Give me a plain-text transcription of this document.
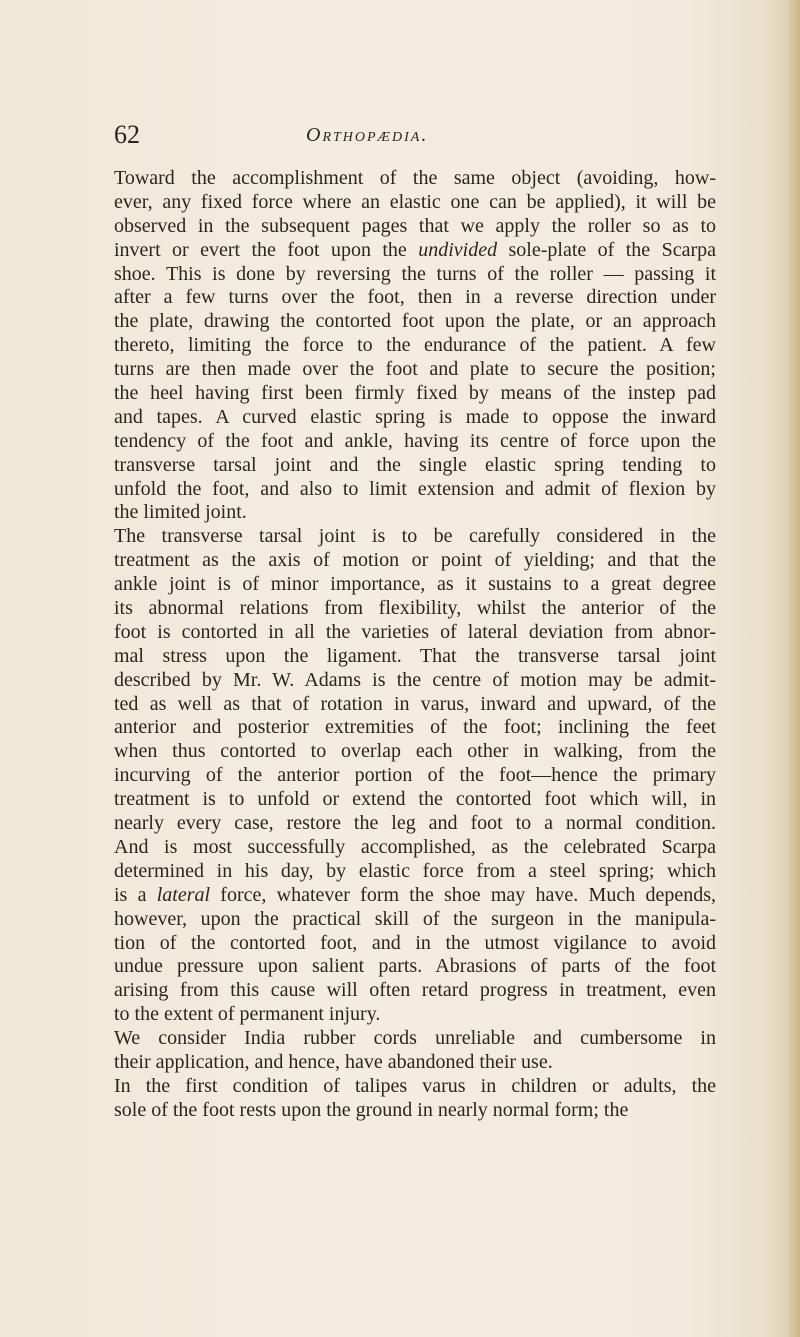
62	Orthopædia.
Toward the accomplishment of the same object (avoiding, how-
ever, any fixed force where an elastic one can be applied), it will be
observed in the subsequent pages that we apply the roller so as to
invert or evert the foot upon the undivided sole-plate of the Scarpa
shoe. This is done by reversing the turns of the roller — passing it
after a few turns over the foot, then in a reverse direction under
the plate, drawing the contorted foot upon the plate, or an approach
thereto, limiting the force to the endurance of the patient. A few
turns are then made over the foot and plate to secure the position;
the heel having first been firmly fixed by means of the instep pad
and tapes. A curved elastic spring is made to oppose the inward
tendency of the foot and ankle, having its centre of force upon the
transverse tarsal joint and the single elastic spring tending to
unfold the foot, and also to limit extension and admit of flexion by
the limited joint.
The transverse tarsal joint is to be carefully considered in the
treatment as the axis of motion or point of yielding; and that the
ankle joint is of minor importance, as it sustains to a great degree
its abnormal relations from flexibility, whilst the anterior of the
foot is contorted in all the varieties of lateral deviation from abnor-
mal stress upon the ligament. That the transverse tarsal joint
described by Mr. W. Adams is the centre of motion may be admit-
ted as well as that of rotation in varus, inward and upward, of the
anterior and posterior extremities of the foot; inclining the feet
when thus contorted to overlap each other in walking, from the
incurving of the anterior portion of the foot—hence the primary
treatment is to unfold or extend the contorted foot which will, in
nearly every case, restore the leg and foot to a normal condition.
And is most successfully accomplished, as the celebrated Scarpa
determined in his day, by elastic force from a steel spring; which
is a lateral force, whatever form the shoe may have. Much depends,
however, upon the practical skill of the surgeon in the manipula-
tion of the contorted foot, and in the utmost vigilance to avoid
undue pressure upon salient parts. Abrasions of parts of the foot
arising from this cause will often retard progress in treatment, even
to the extent of permanent injury.
We consider India rubber cords unreliable and cumbersome in
their application, and hence, have abandoned their use.
In the first condition of talipes varus in children or adults, the
sole of the foot rests upon the ground in nearly normal form; the
